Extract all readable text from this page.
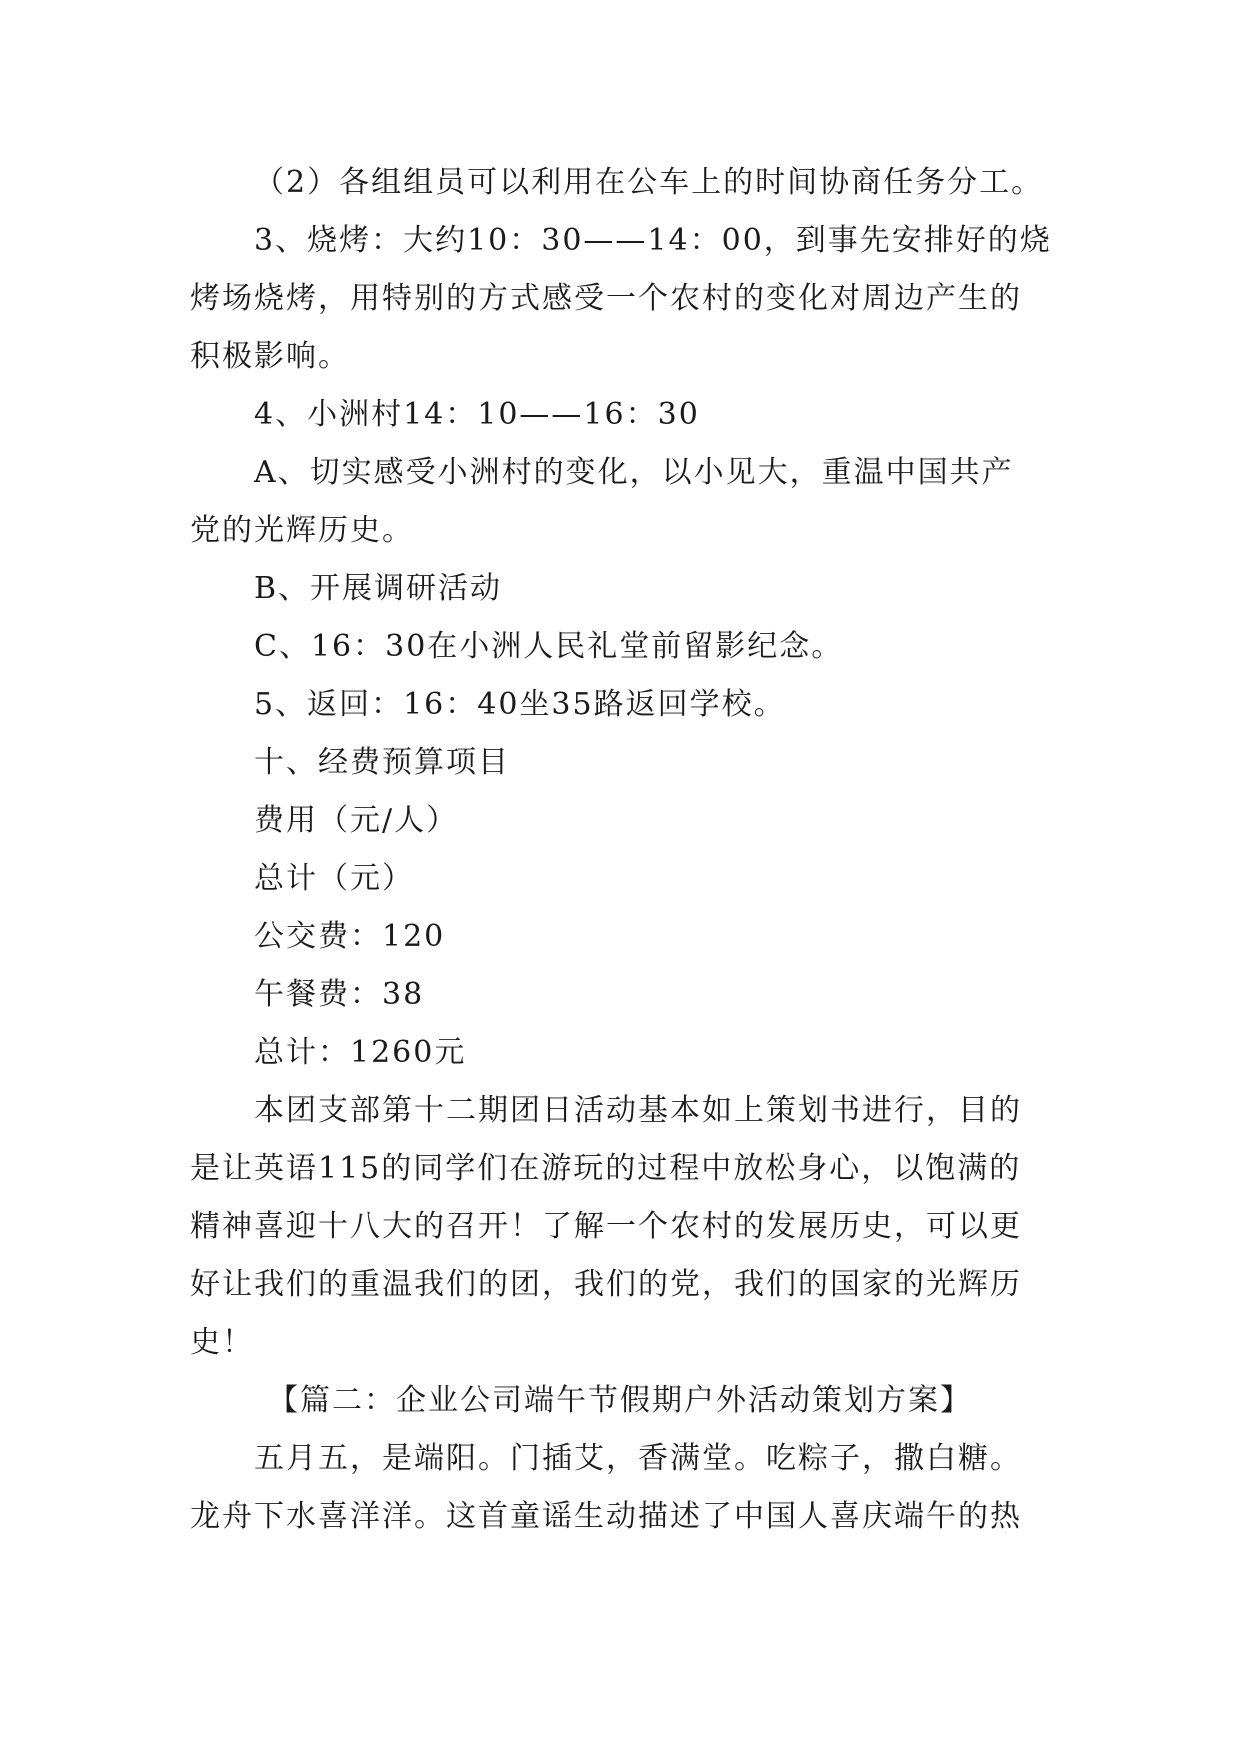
（2）各组组员可以利用在公车上的时间协商任务分工。
3、烧烤：大约10：30——14：00，到事先安排好的烧
烤场烧烤，用特别的方式感受一个农村的变化对周边产生的
积极影响。
4、小洲村14：10——16：30
A、切实感受小洲村的变化，以小见大，重温中国共产
党的光辉历史。
B、开展调研活动
C、16：30在小洲人民礼堂前留影纪念。
5、返回：16：40坐35路返回学校。
十、经费预算项目
费用（元/人）
总计（元）
公交费：120
午餐费：38
总计：1260元
本团支部第十二期团日活动基本如上策划书进行，目的
是让英语115的同学们在游玩的过程中放松身心，以饱满的
精神喜迎十八大的召开！了解一个农村的发展历史，可以更
好让我们的重温我们的团，我们的党，我们的国家的光辉历
史！
【篇二：企业公司端午节假期户外活动策划方案】
五月五，是端阳。门插艾，香满堂。吃粽子，撒白糖。
龙舟下水喜洋洋。这首童谣生动描述了中国人喜庆端午的热
